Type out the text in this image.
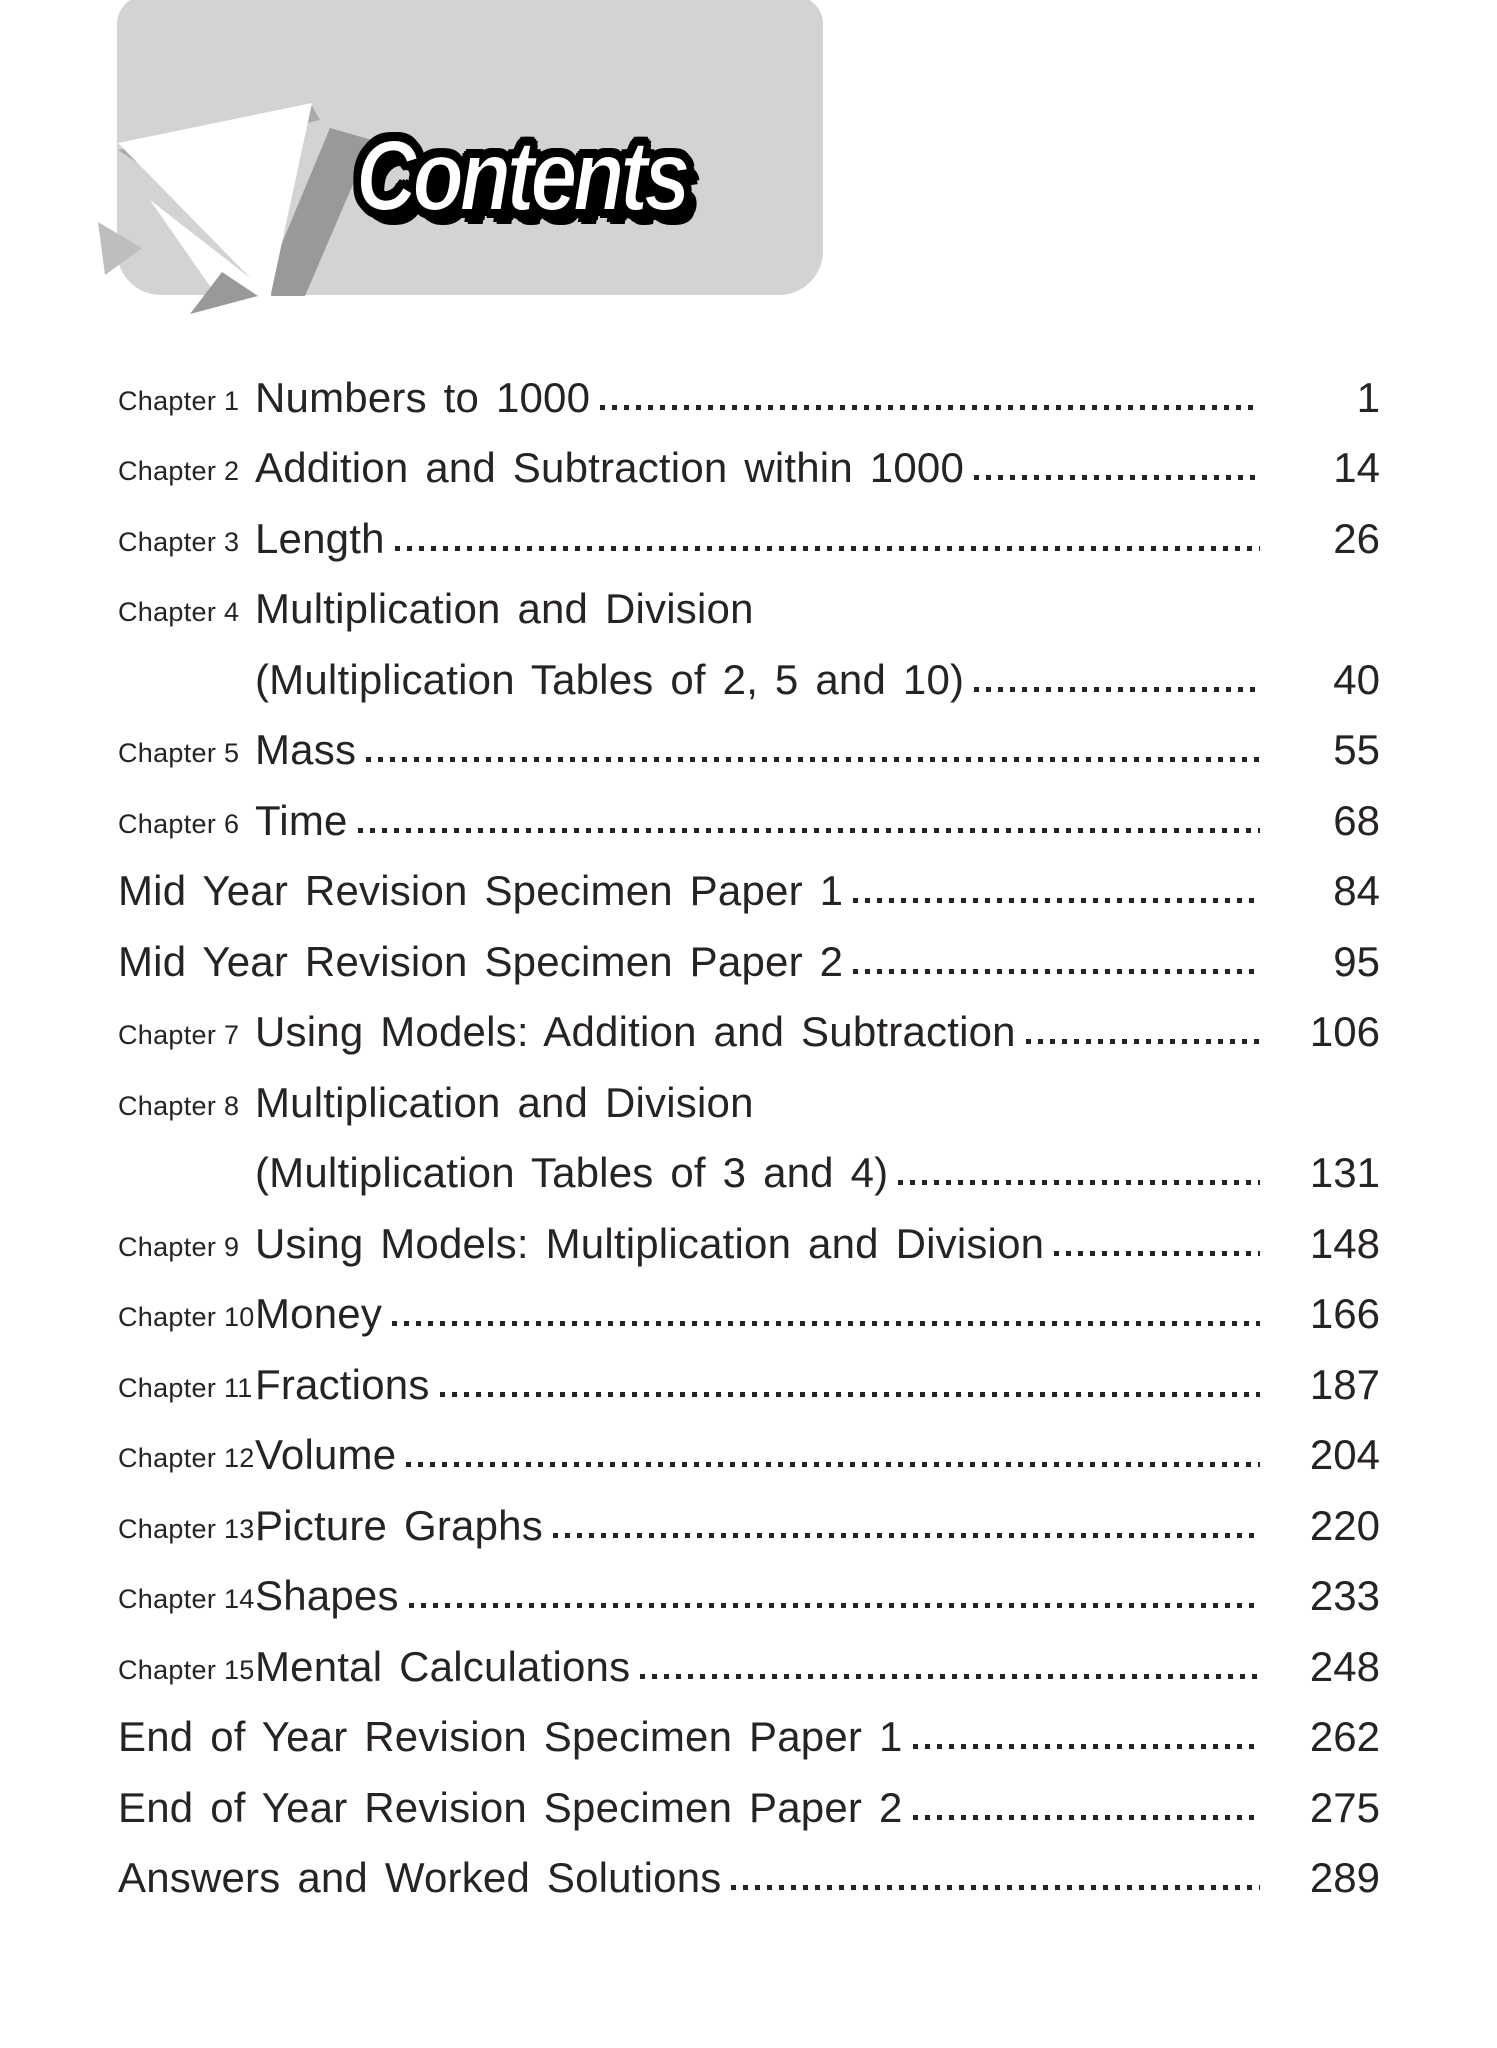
Contents
Chapter 1 Numbers to 1000	1
Chapter 2 Addition and Subtraction within 1000	14
Chapter 3 Length	26
Chapter 4 Multiplication and Division
(Multiplication Tables of 2, 5 and 10)	40
Chapter 5 Mass	55
Chapter 6 Time	68
Mid Year Revision Specimen Paper 1	84
Mid Year Revision Specimen Paper 2	95
Chapter 7 Using Models: Addition and Subtraction	106
Chapter 8 Multiplication and Division
(Multiplication Tables of 3 and 4)	131
Chapter 9 Using Models: Multiplication and Division	148
Chapter 10 Money	166
Chapter 11 Fractions	187
Chapter 12 Volume	204
Chapter 13 Picture Graphs	220
Chapter 14 Shapes	233
Chapter 15 Mental Calculations	248
End of Year Revision Specimen Paper 1	262
End of Year Revision Specimen Paper 2	275
Answers and Worked Solutions	289
